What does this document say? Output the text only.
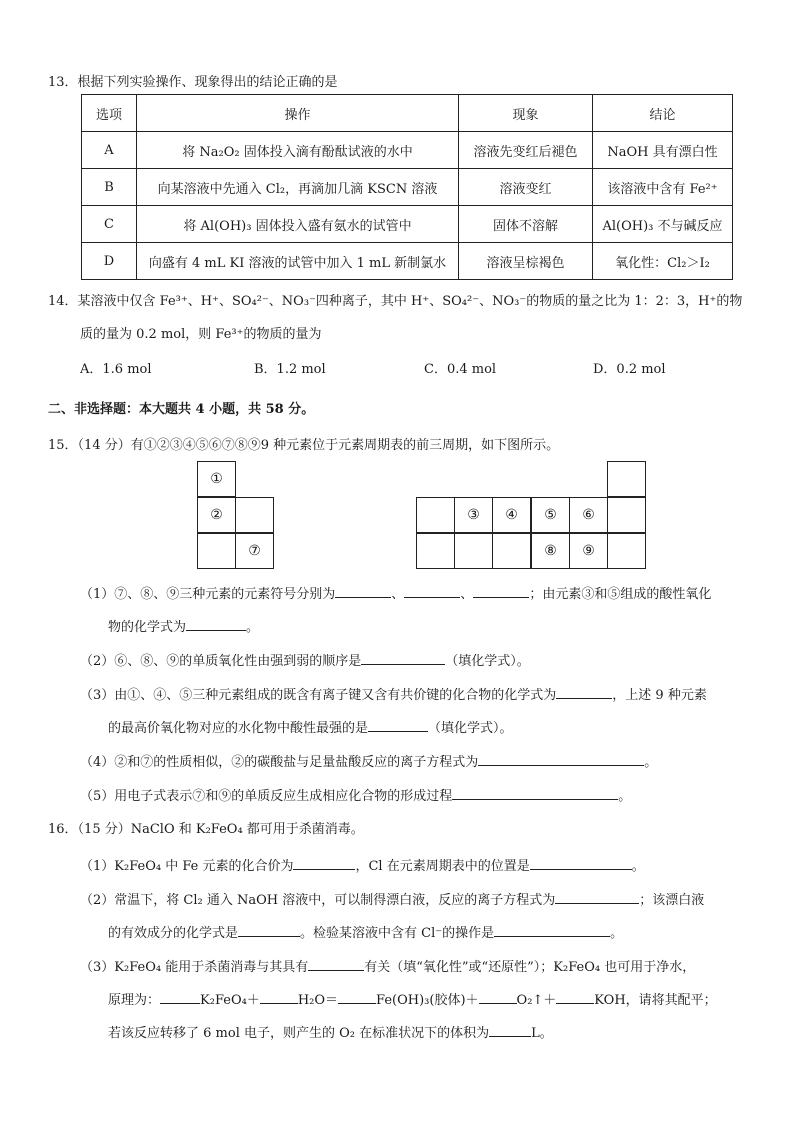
13．根据下列实验操作、现象得出的结论正确的是
选项	操作	现象	结论
A	将 Na₂O₂ 固体投入滴有酚酞试液的水中	溶液先变红后褪色	NaOH 具有漂白性
B	向某溶液中先通入 Cl₂，再滴加几滴 KSCN 溶液	溶液变红	该溶液中含有 Fe²⁺
C	将 Al(OH)₃ 固体投入盛有氨水的试管中	固体不溶解	Al(OH)₃ 不与碱反应
D	向盛有 4 mL KI 溶液的试管中加入 1 mL 新制氯水	溶液呈棕褐色	氧化性：Cl₂＞I₂
14．某溶液中仅含 Fe³⁺、H⁺、SO₄²⁻、NO₃⁻四种离子，其中 H⁺、SO₄²⁻、NO₃⁻的物质的量之比为 1：2：3，H⁺的物
质的量为 0.2 mol，则 Fe³⁺的物质的量为
A．1.6 mol	B．1.2 mol	C．0.4 mol	D．0.2 mol
二、非选择题：本大题共 4 小题，共 58 分。
15．（14 分）有①②③④⑤⑥⑦⑧⑨9 种元素位于元素周期表的前三周期，如下图所示。
①
②
⑦
③	④	⑤	⑥
⑧	⑨
（1）⑦、⑧、⑨三种元素的元素符号分别为	、	、	；由元素③和⑤组成的酸性氧化
物的化学式为	。
（2）⑥、⑧、⑨的单质氧化性由强到弱的顺序是	（填化学式）。
（3）由①、④、⑤三种元素组成的既含有离子键又含有共价键的化合物的化学式为	，上述 9 种元素
的最高价氧化物对应的水化物中酸性最强的是	（填化学式）。
（4）②和⑦的性质相似，②的碳酸盐与足量盐酸反应的离子方程式为	。
（5）用电子式表示⑦和⑨的单质反应生成相应化合物的形成过程	。
16．（15 分）NaClO 和 K₂FeO₄ 都可用于杀菌消毒。
（1）K₂FeO₄ 中 Fe 元素的化合价为	，Cl 在元素周期表中的位置是	。
（2）常温下，将 Cl₂ 通入 NaOH 溶液中，可以制得漂白液，反应的离子方程式为	；该漂白液
的有效成分的化学式是	。检验某溶液中含有 Cl⁻的操作是	。
（3）K₂FeO₄ 能用于杀菌消毒与其具有	有关（填“氧化性”或“还原性”）；K₂FeO₄ 也可用于净水，
原理为：	K₂FeO₄＋	H₂O＝	Fe(OH)₃(胶体)＋	O₂↑＋	KOH，请将其配平；
若该反应转移了 6 mol 电子，则产生的 O₂ 在标准状况下的体积为	L。
